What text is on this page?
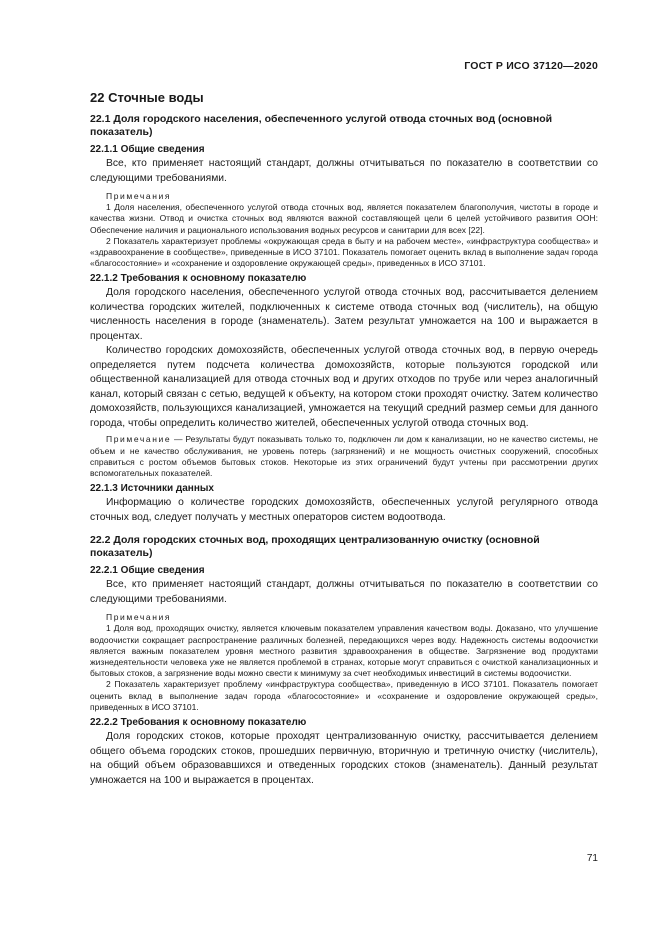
ГОСТ Р ИСО 37120—2020
22 Сточные воды
22.1 Доля городского населения, обеспеченного услугой отвода сточных вод (основной показатель)
22.1.1 Общие сведения

Все, кто применяет настоящий стандарт, должны отчитываться по показателю в соответствии со следующими требованиями.

Примечания

1 Доля населения, обеспеченного услугой отвода сточных вод, является показателем благополучия, чистоты в городе и качества жизни. Отвод и очистка сточных вод являются важной составляющей цели 6 целей устойчивого развития ООН: Обеспечение наличия и рационального использования водных ресурсов и санитарии для всех [22].

2 Показатель характеризует проблемы «окружающая среда в быту и на рабочем месте», «инфраструктура сообщества» и «здравоохранение в сообществе», приведенные в ИСО 37101. Показатель помогает оценить вклад в выполнение задач города «благосостояние» и «сохранение и оздоровление окружающей среды», приведенных в ИСО 37101.

22.1.2 Требования к основному показателю

Доля городского населения, обеспеченного услугой отвода сточных вод, рассчитывается делением количества городских жителей, подключенных к системе отвода сточных вод (числитель), на общую численность населения в городе (знаменатель). Затем результат умножается на 100 и выражается в процентах.

Количество городских домохозяйств, обеспеченных услугой отвода сточных вод, в первую очередь определяется путем подсчета количества домохозяйств, которые пользуются городской или общественной канализацией для отвода сточных вод и других отходов по трубе или через аналогичный канал, который связан с сетью, ведущей к объекту, на котором стоки проходят очистку. Затем количество домохозяйств, пользующихся канализацией, умножается на текущий средний размер семьи для данного города, чтобы определить количество жителей, обеспеченных услугой отвода сточных вод.

Примечание — Результаты будут показывать только то, подключен ли дом к канализации, но не качество системы, не объем и не качество обслуживания, не уровень потерь (загрязнений) и не мощность очистных сооружений, способных справиться с ростом объемов бытовых стоков. Некоторые из этих ограничений будут учтены при рассмотрении других вспомогательных показателей.

22.1.3 Источники данных

Информацию о количестве городских домохозяйств, обеспеченных услугой регулярного отвода сточных вод, следует получать у местных операторов систем водоотвода.

22.2 Доля городских сточных вод, проходящих централизованную очистку (основной показатель)
22.2.1 Общие сведения

Все, кто применяет настоящий стандарт, должны отчитываться по показателю в соответствии со следующими требованиями.

Примечания

1 Доля вод, проходящих очистку, является ключевым показателем управления качеством воды. Доказано, что улучшение водоочистки сокращает распространение различных болезней, передающихся через воду. Надежность системы водоочистки является важным показателем уровня местного развития здравоохранения в обществе. Загрязнение вод продуктами жизнедеятельности человека уже не является проблемой в странах, которые могут справиться с очисткой канализационных и бытовых стоков, а загрязнение воды можно свести к минимуму за счет необходимых инвестиций в системы водоочистки.

2 Показатель характеризует проблему «инфраструктура сообщества», приведенную в ИСО 37101. Показатель помогает оценить вклад в выполнение задач города «благосостояние» и «сохранение и оздоровление окружающей среды», приведенных в ИСО 37101.

22.2.2 Требования к основному показателю

Доля городских стоков, которые проходят централизованную очистку, рассчитывается делением общего объема городских стоков, прошедших первичную, вторичную и третичную очистку (числитель), на общий объем образовавшихся и отведенных городских стоков (знаменатель). Данный результат умножается на 100 и выражается в процентах.

71
